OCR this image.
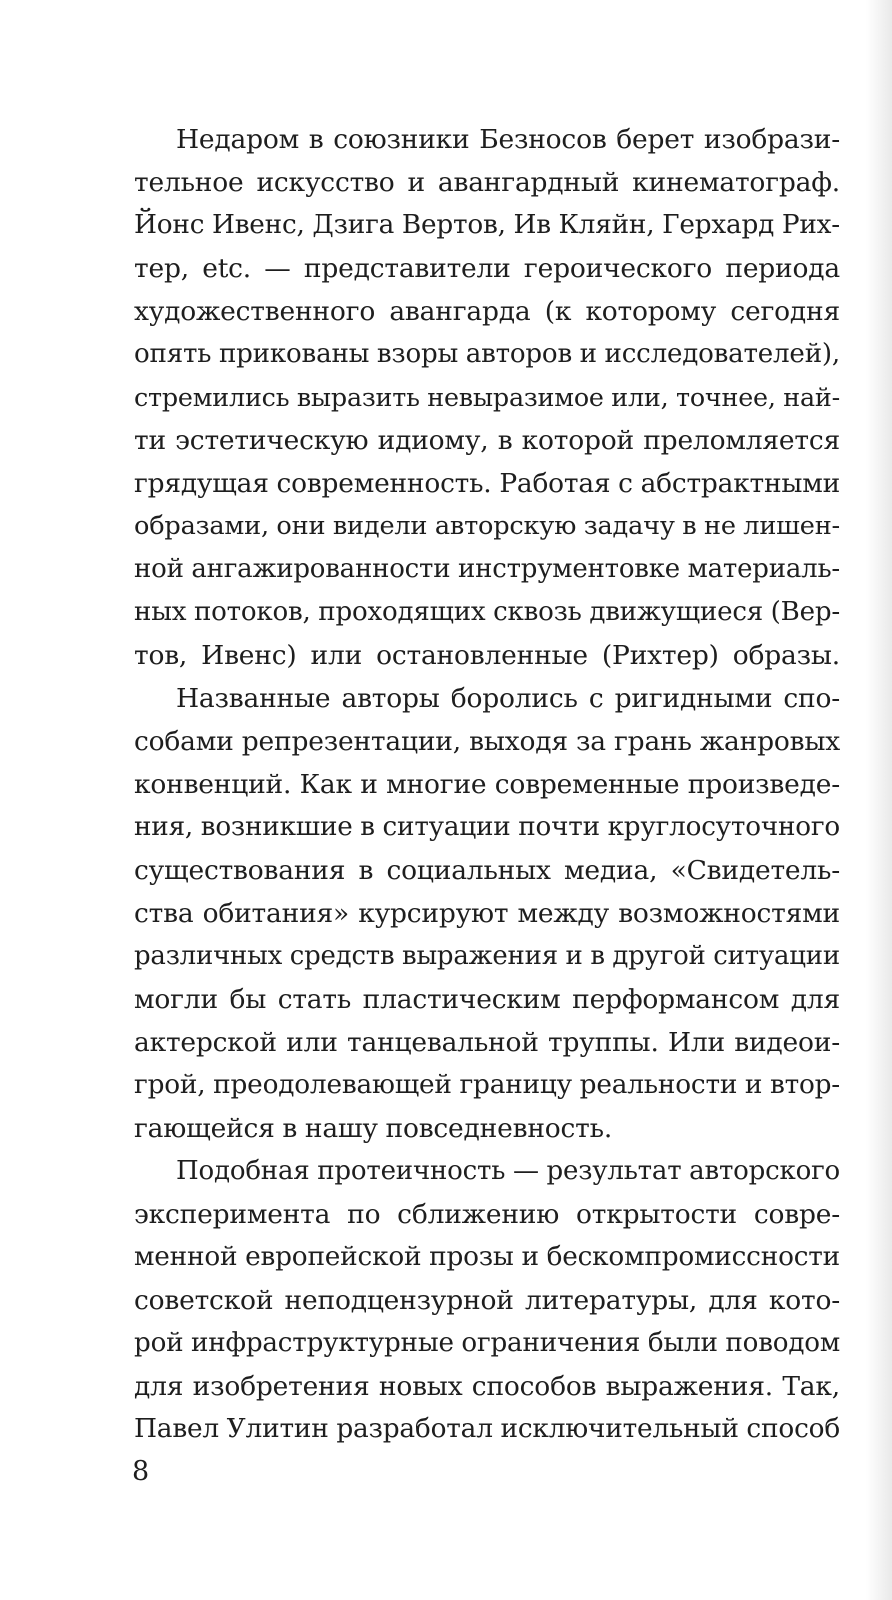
Недаром в союзники Безносов берет изобрази-
тельное искусство и авангардный кинематограф.
Йонс Ивенс, Дзига Вертов, Ив Кляйн, Герхард Рих-
тер, etc. — представители героического периода
художественного авангарда (к которому сегодня
опять прикованы взоры авторов и исследователей),
стремились выразить невыразимое или, точнее, най-
ти эстетическую идиому, в которой преломляется
грядущая современность. Работая с абстрактными
образами, они видели авторскую задачу в не лишен-
ной ангажированности инструментовке материаль-
ных потоков, проходящих сквозь движущиеся (Вер-
тов, Ивенс) или остановленные (Рихтер) образы.
Названные авторы боролись с ригидными спо-
собами репрезентации, выходя за грань жанровых
конвенций. Как и многие современные произведе-
ния, возникшие в ситуации почти круглосуточного
существования в социальных медиа, «Свидетель-
ства обитания» курсируют между возможностями
различных средств выражения и в другой ситуации
могли бы стать пластическим перформансом для
актерской или танцевальной труппы. Или видеои-
грой, преодолевающей границу реальности и втор-
гающейся в нашу повседневность.
Подобная протеичность — результат авторского
эксперимента по сближению открытости совре-
менной европейской прозы и бескомпромиссности
советской неподцензурной литературы, для кото-
рой инфраструктурные ограничения были поводом
для изобретения новых способов выражения. Так,
Павел Улитин разработал исключительный способ
8
